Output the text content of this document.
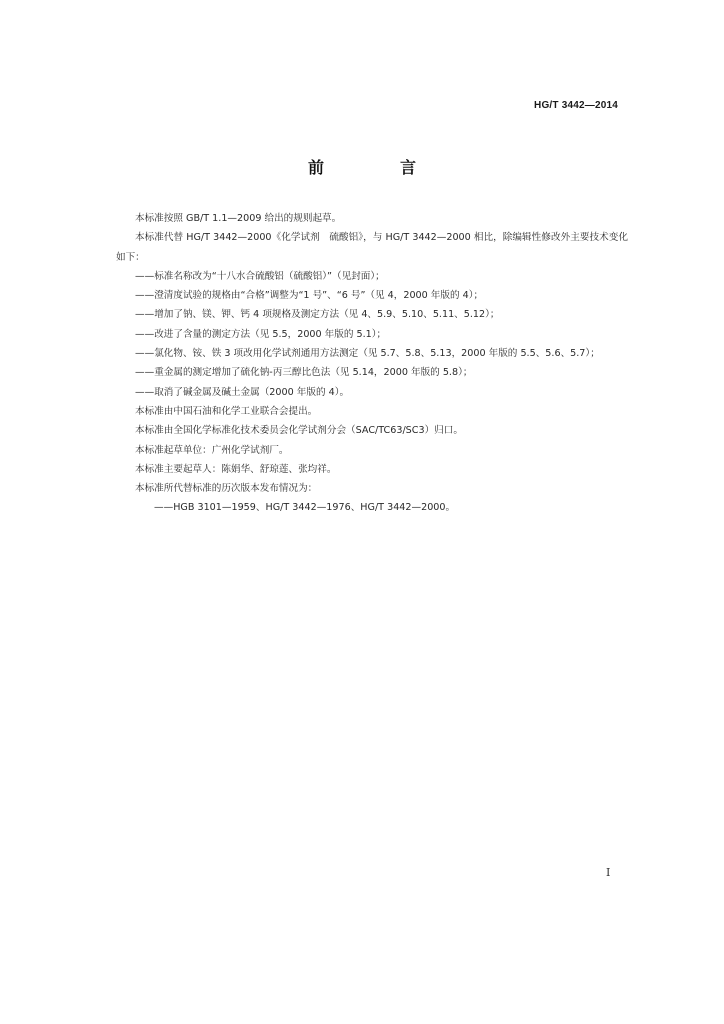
HG/T 3442—2014
前　言

本标准按照 GB/T 1.1—2009 给出的规则起草。

本标准代替 HG/T 3442—2000《化学试剂　硫酸铝》，与 HG/T 3442—2000 相比，除编辑性修改外主要技术变化如下：

——标准名称改为“十八水合硫酸铝（硫酸铝）”（见封面）；

——澄清度试验的规格由“合格”调整为“1 号”、“6 号”（见 4，2000 年版的 4）；

——增加了钠、镁、钾、钙 4 项规格及测定方法（见 4、5.9、5.10、5.11、5.12）；

——改进了含量的测定方法（见 5.5，2000 年版的 5.1）；

——氯化物、铵、铁 3 项改用化学试剂通用方法测定（见 5.7、5.8、5.13，2000 年版的 5.5、5.6、5.7）；

——重金属的测定增加了硫化钠-丙三醇比色法（见 5.14，2000 年版的 5.8）；

——取消了碱金属及碱土金属（2000 年版的 4）。

本标准由中国石油和化学工业联合会提出。

本标准由全国化学标准化技术委员会化学试剂分会（SAC/TC63/SC3）归口。

本标准起草单位：广州化学试剂厂。

本标准主要起草人：陈娟华、舒琼莲、张均祥。

本标准所代替标准的历次版本发布情况为：

——HGB 3101—1959、HG/T 3442—1976、HG/T 3442—2000。

I
